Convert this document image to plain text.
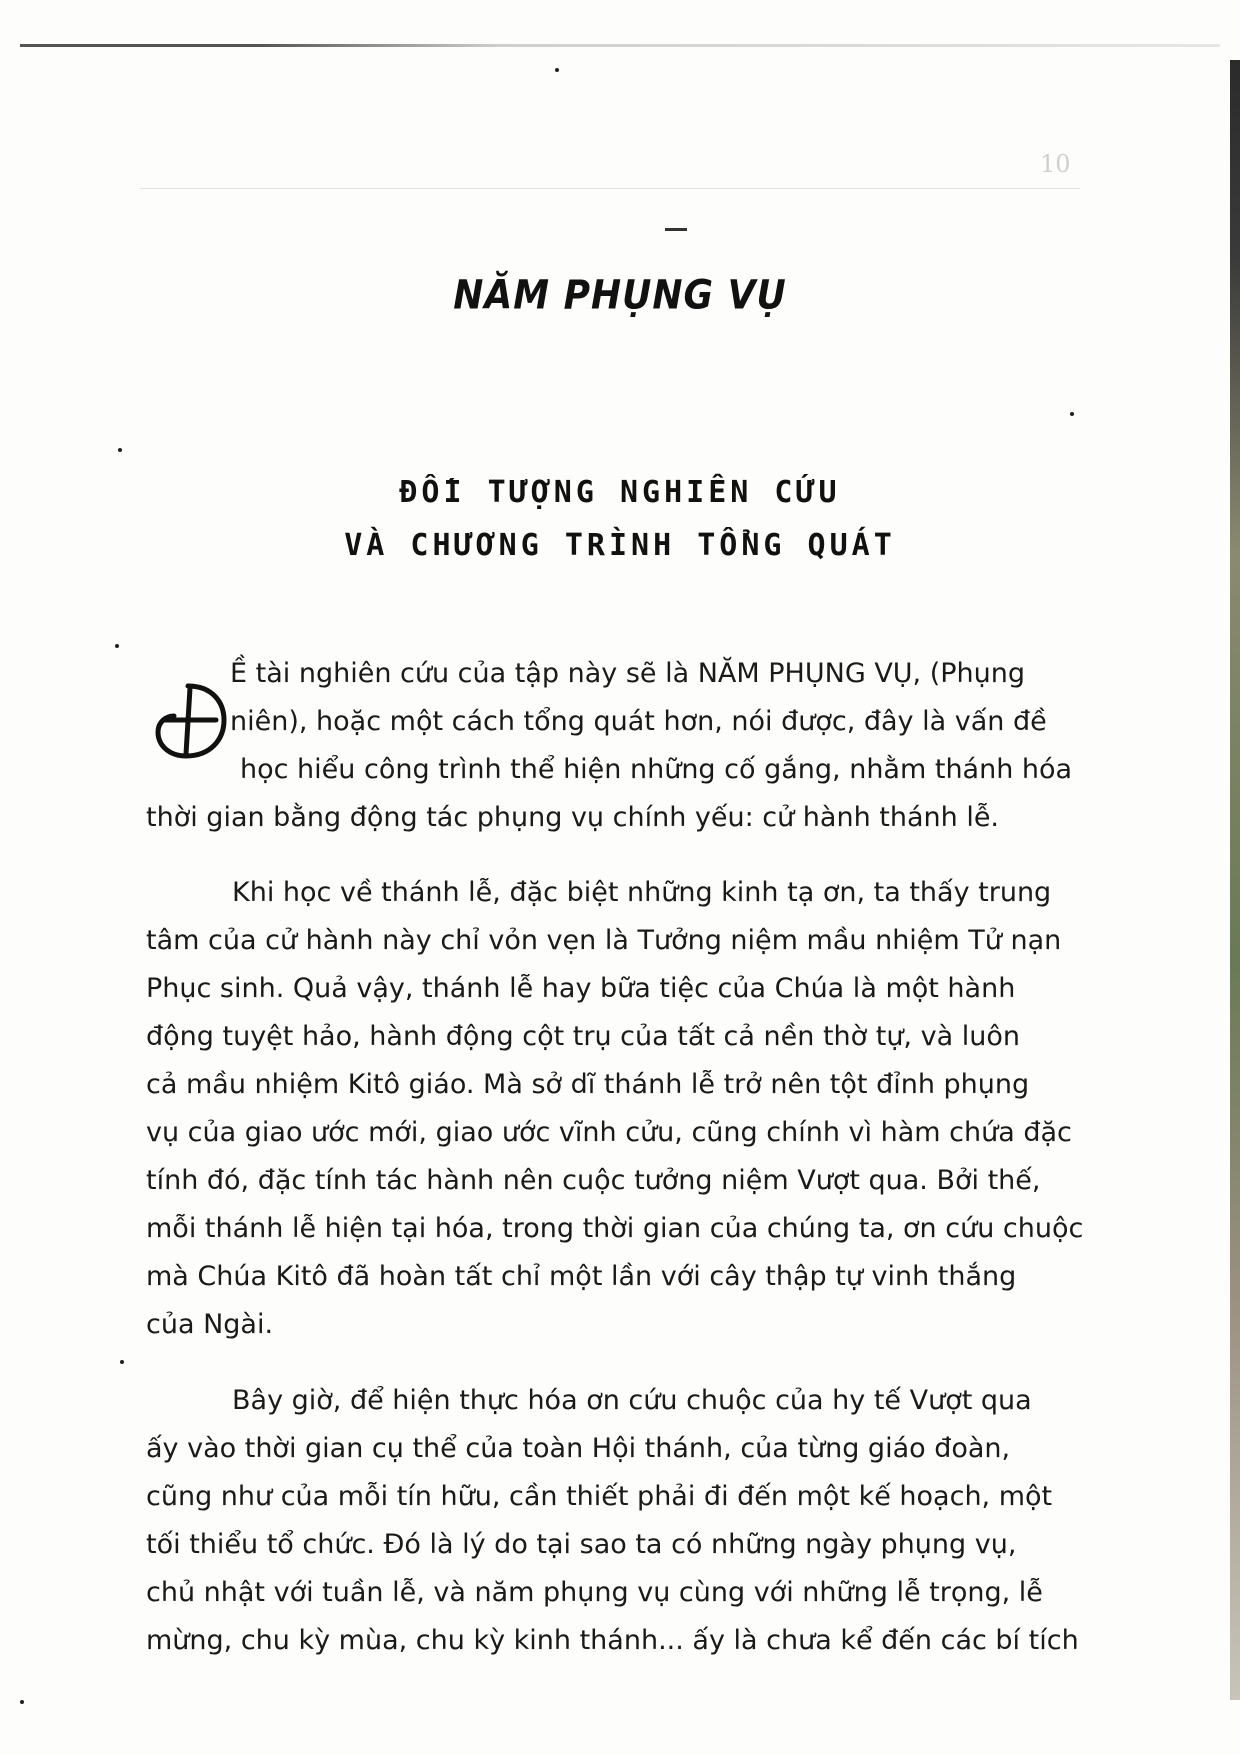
10
NĂM PHỤNG VỤ
ĐỐI TƯỢNG NGHIÊN CỨU
VÀ CHƯƠNG TRÌNH TỔNG QUÁT
Ề tài nghiên cứu của tập này sẽ là NĂM PHỤNG VỤ, (Phụng
niên), hoặc một cách tổng quát hơn, nói được, đây là vấn đề
học hiểu công trình thể hiện những cố gắng, nhằm thánh hóa
thời gian bằng động tác phụng vụ chính yếu: cử hành thánh lễ.
Khi học về thánh lễ, đặc biệt những kinh tạ ơn, ta thấy trung
tâm của cử hành này chỉ vỏn vẹn là Tưởng niệm mầu nhiệm Tử nạn
Phục sinh. Quả vậy, thánh lễ hay bữa tiệc của Chúa là một hành
động tuyệt hảo, hành động cột trụ của tất cả nền thờ tự, và luôn
cả mầu nhiệm Kitô giáo. Mà sở dĩ thánh lễ trở nên tột đỉnh phụng
vụ của giao ước mới, giao ước vĩnh cửu, cũng chính vì hàm chứa đặc
tính đó, đặc tính tác hành nên cuộc tưởng niệm Vượt qua. Bởi thế,
mỗi thánh lễ hiện tại hóa, trong thời gian của chúng ta, ơn cứu chuộc
mà Chúa Kitô đã hoàn tất chỉ một lần với cây thập tự vinh thắng
của Ngài.
Bây giờ, để hiện thực hóa ơn cứu chuộc của hy tế Vượt qua
ấy vào thời gian cụ thể của toàn Hội thánh, của từng giáo đoàn,
cũng như của mỗi tín hữu, cần thiết phải đi đến một kế hoạch, một
tối thiểu tổ chức. Đó là lý do tại sao ta có những ngày phụng vụ,
chủ nhật với tuần lễ, và năm phụng vụ cùng với những lễ trọng, lễ
mừng, chu kỳ mùa, chu kỳ kinh thánh... ấy là chưa kể đến các bí tích
